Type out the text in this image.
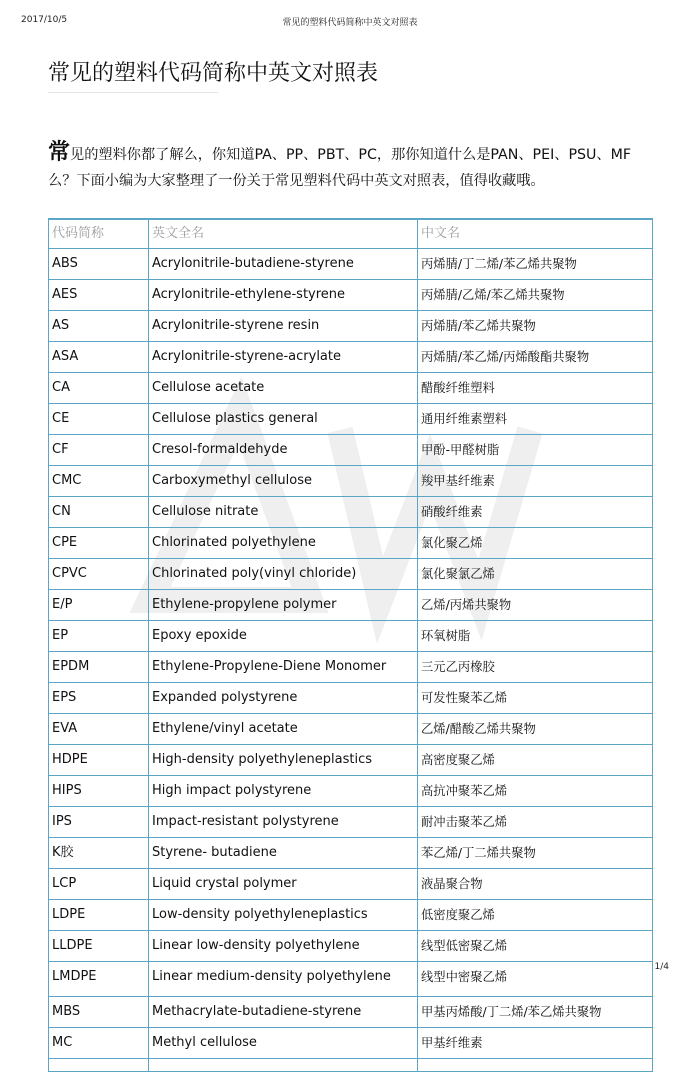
2017/10/5	常见的塑料代码简称中英文对照表
常见的塑料代码简称中英文对照表
常见的塑料你都了解么，你知道PA、PP、PBT、PC，那你知道什么是PAN、PEI、PSU、MF么？下面小编为大家整理了一份关于常见塑料代码中英文对照表，值得收藏哦。
代码简称	英文全名	中文名
ABS	Acrylonitrile-butadiene-styrene	丙烯腈/丁二烯/苯乙烯共聚物
AES	Acrylonitrile-ethylene-styrene	丙烯腈/乙烯/苯乙烯共聚物
AS	Acrylonitrile-styrene resin	丙烯腈/苯乙烯共聚物
ASA	Acrylonitrile-styrene-acrylate	丙烯腈/苯乙烯/丙烯酸酯共聚物
CA	Cellulose acetate	醋酸纤维塑料
CE	Cellulose plastics general	通用纤维素塑料
CF	Cresol-formaldehyde	甲酚-甲醛树脂
CMC	Carboxymethyl cellulose	羧甲基纤维素
CN	Cellulose nitrate	硝酸纤维素
CPE	Chlorinated polyethylene	氯化聚乙烯
CPVC	Chlorinated poly(vinyl chloride)	氯化聚氯乙烯
E/P	Ethylene-propylene polymer	乙烯/丙烯共聚物
EP	Epoxy epoxide	环氧树脂
EPDM	Ethylene-Propylene-Diene Monomer	三元乙丙橡胶
EPS	Expanded polystyrene	可发性聚苯乙烯
EVA	Ethylene/vinyl acetate	乙烯/醋酸乙烯共聚物
HDPE	High-density polyethyleneplastics	高密度聚乙烯
HIPS	High impact polystyrene	高抗冲聚苯乙烯
IPS	Impact-resistant polystyrene	耐冲击聚苯乙烯
K胶	Styrene- butadiene	苯乙烯/丁二烯共聚物
LCP	Liquid crystal polymer	液晶聚合物
LDPE	Low-density polyethyleneplastics	低密度聚乙烯
LLDPE	Linear low-density polyethylene	线型低密聚乙烯
LMDPE	Linear medium-density polyethylene	线型中密聚乙烯
MBS	Methacrylate-butadiene-styrene	甲基丙烯酸/丁二烯/苯乙烯共聚物
MC	Methyl cellulose	甲基纤维素

1/4
